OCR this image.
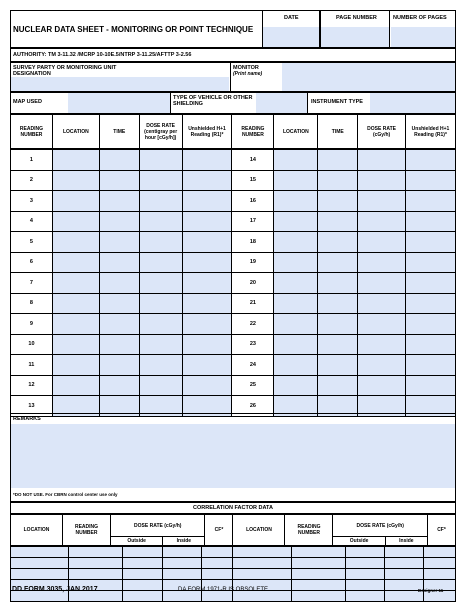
NUCLEAR DATA SHEET - MONITORING OR POINT TECHNIQUE
DATE	PAGE NUMBER	NUMBER OF PAGES
AUTHORITY: TM 3-11.32 /MCRP 10-10E.5/NTRP 3-11.25/AFTTP 3-2.56
SURVEY PARTY OR MONITORING UNIT DESIGNATION
MONITOR
(Print name)
MAP USED
TYPE OF VEHICLE OR OTHER SHIELDING	INSTRUMENT TYPE
READING NUMBER	LOCATION	TIME	DOSE RATE (centigray per hour [cGy/h])	Unshielded H+1 Reading (R1)*	READING NUMBER	LOCATION	TIME	DOSE RATE (cGy/h)	Unshielded H+1 Reading (R1)*
1					14				
2					15				
3					16				
4					17				
5					18				
6					19				
7					20				
8					21				
9					22				
10					23				
11					24				
12					25				
13					26				
REMARKS
*DO NOT USE. For CBRN control center use only
CORRELATION FACTOR DATA
LOCATION	READING NUMBER	DOSE RATE (cGy/h)		CF*	LOCATION	READING NUMBER	DOSE RATE (cGy/h)		CF*
		Outside	Inside				Outside	Inside	

DD FORM 3035, JAN 2017	DA FORM 1971-R IS OBSOLETE	Designer 11
